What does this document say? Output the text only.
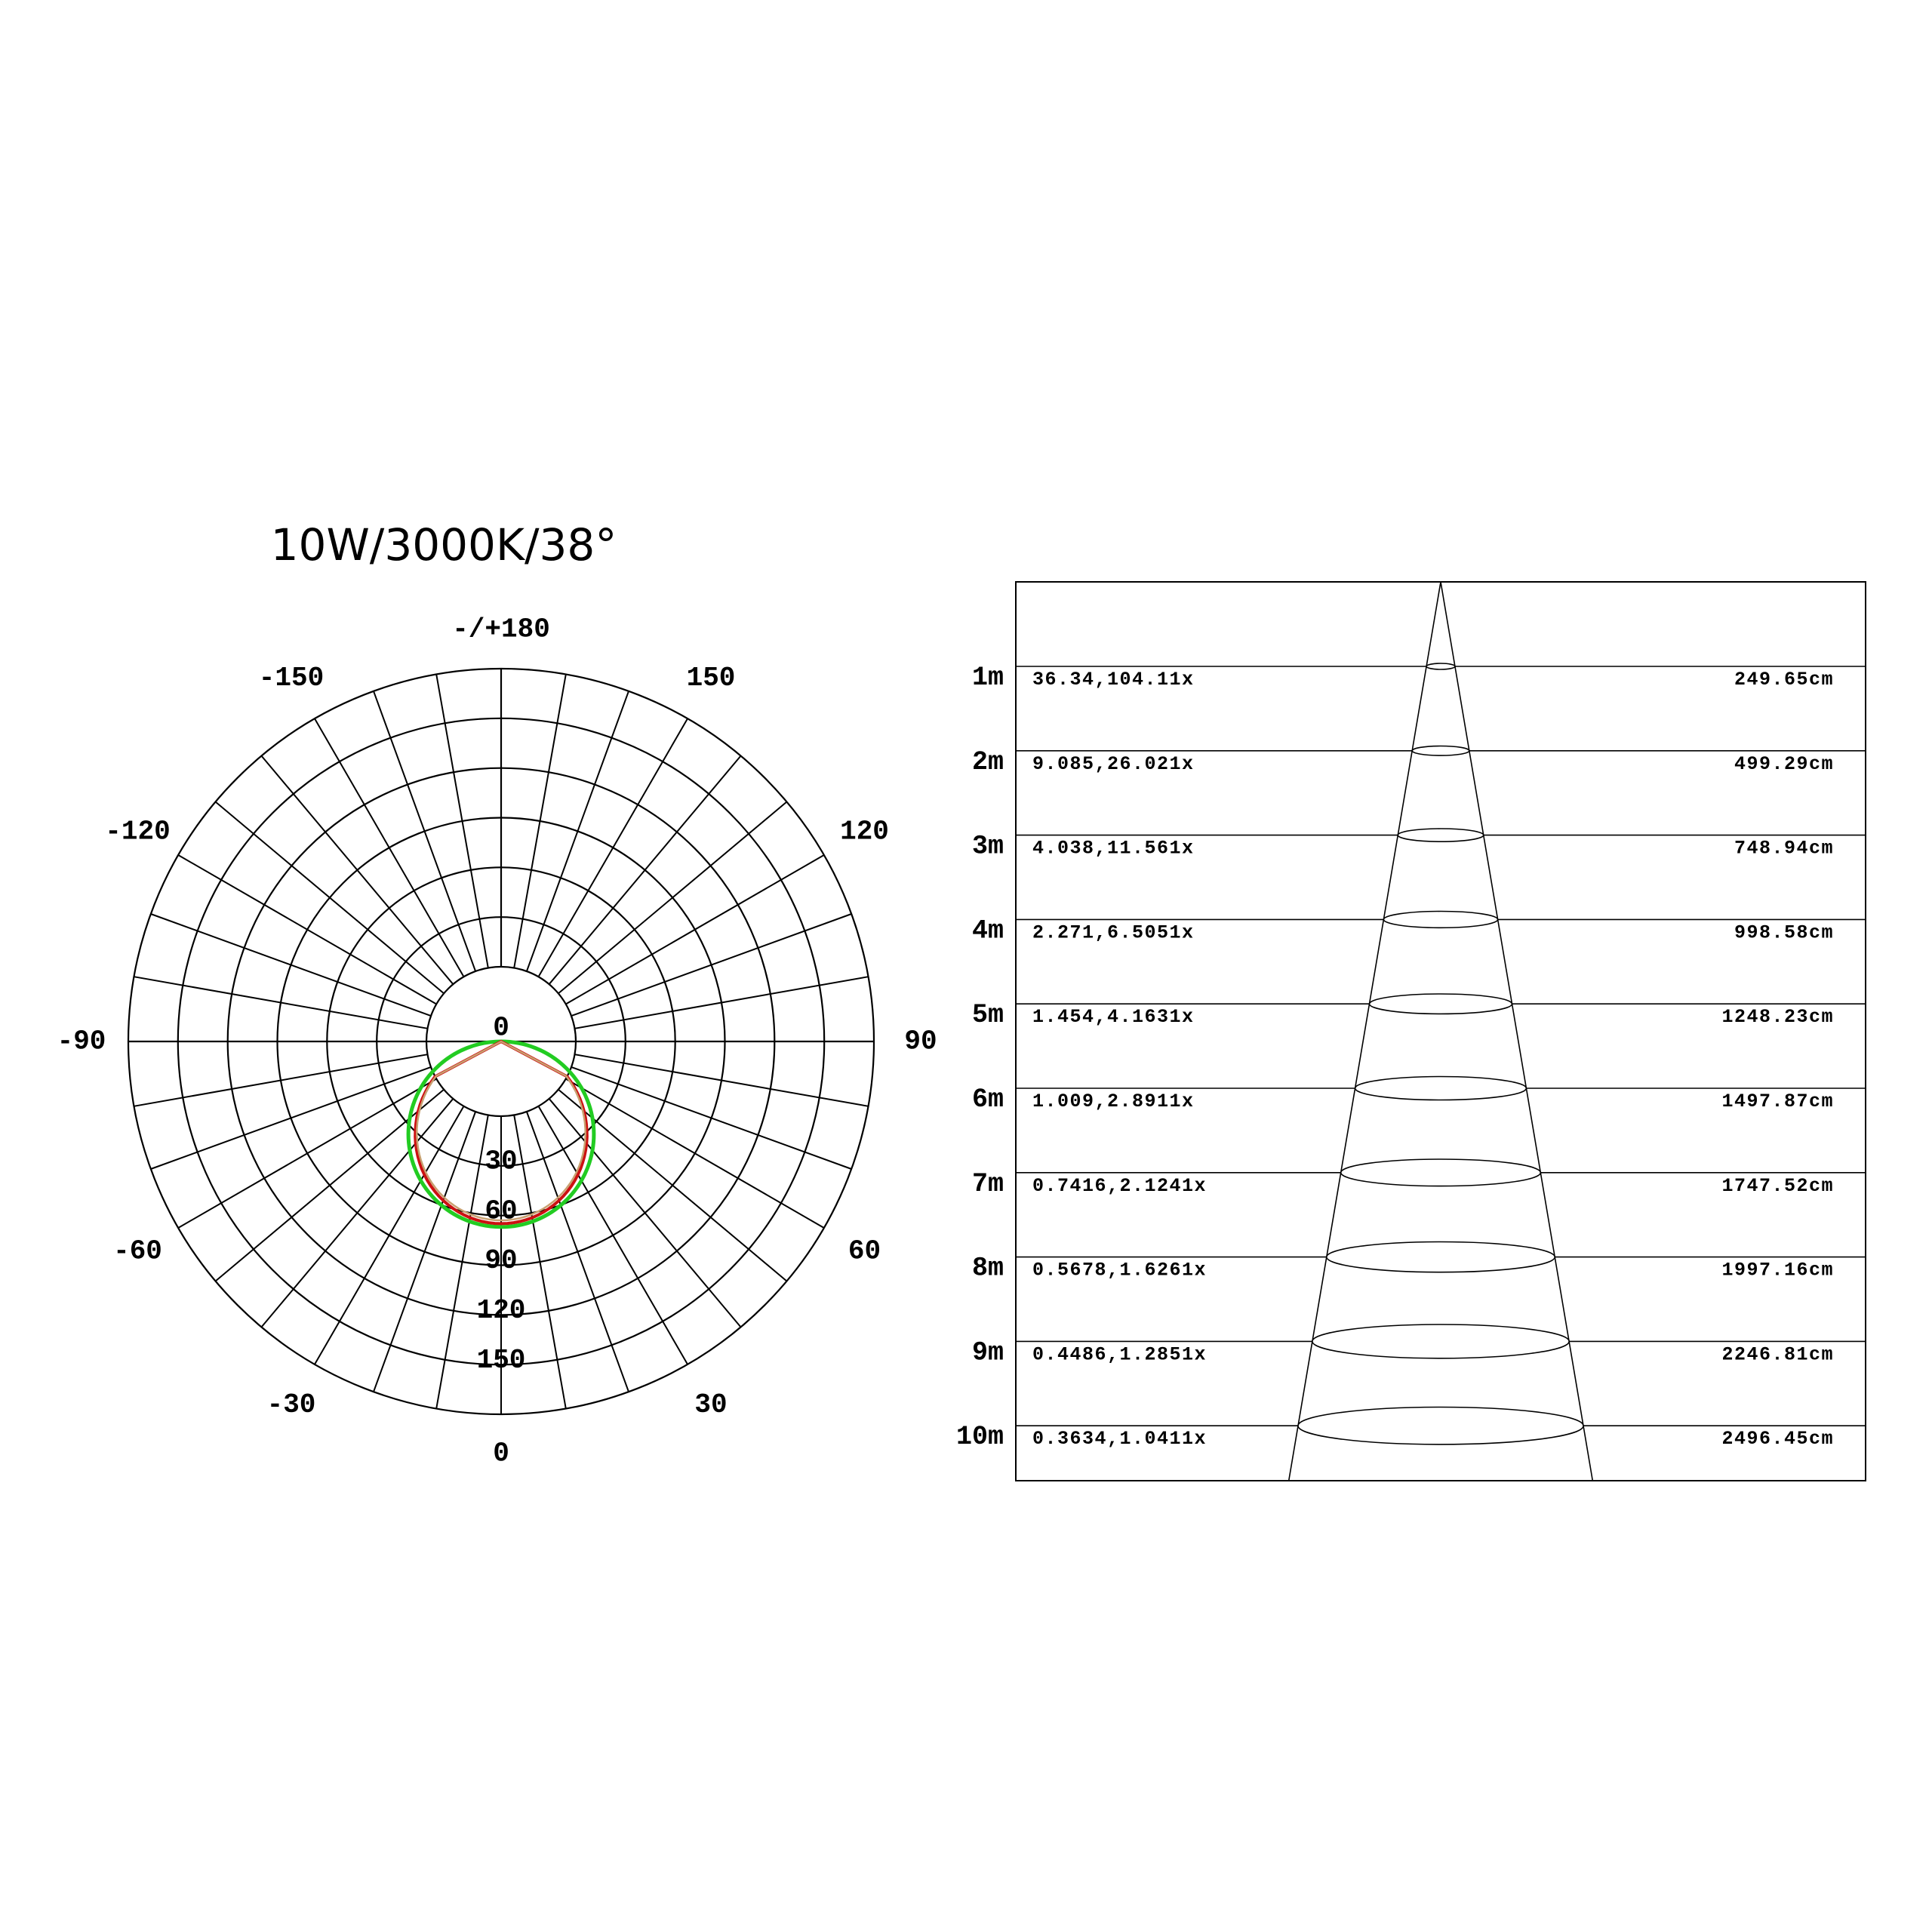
10W/3000K/38°
-/+180
150
-150
120
-120
90
-90
60
-60
30
-30
0
0
30
60
90
120
150
1m 36.34,104.11x	249.65cm
2m 9.085,26.021x	499.29cm
3m 4.038,11.561x	748.94cm
4m 2.271,6.5051x	998.58cm
5m 1.454,4.1631x	1248.23cm
6m 1.009,2.8911x	1497.87cm
7m 0.7416,2.1241x	1747.52cm
8m 0.5678,1.6261x	1997.16cm
9m 0.4486,1.2851x	2246.81cm
10m 0.3634,1.0411x	2496.45cm
